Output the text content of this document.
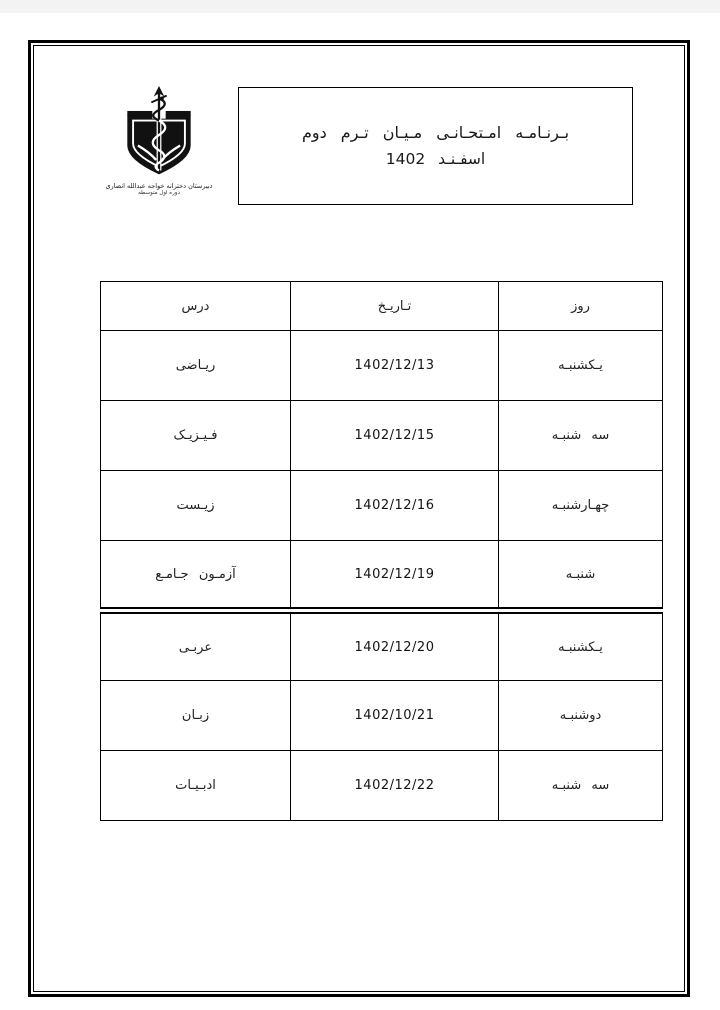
دبیرستان دخترانه خواجه عبدالله انصاری
دوره اول متوسطه
بـرنـامـه امـتحـانـی مـیـان تـرم دوم
اسفـنـد 1402
روز	تـاریـخ	درس
یـکشنبـه	1402/12/13	ریـاضی
سه شنبـه	1402/12/15	فـیـزیـک
چهـارشنبـه	1402/12/16	زیـست
شنبـه	1402/12/19	آزمـون جـامـع
یـکشنبـه	1402/12/20	عربـی
دوشنبـه	1402/10/21	زبـان
سه شنبـه	1402/12/22	ادبـیـات
